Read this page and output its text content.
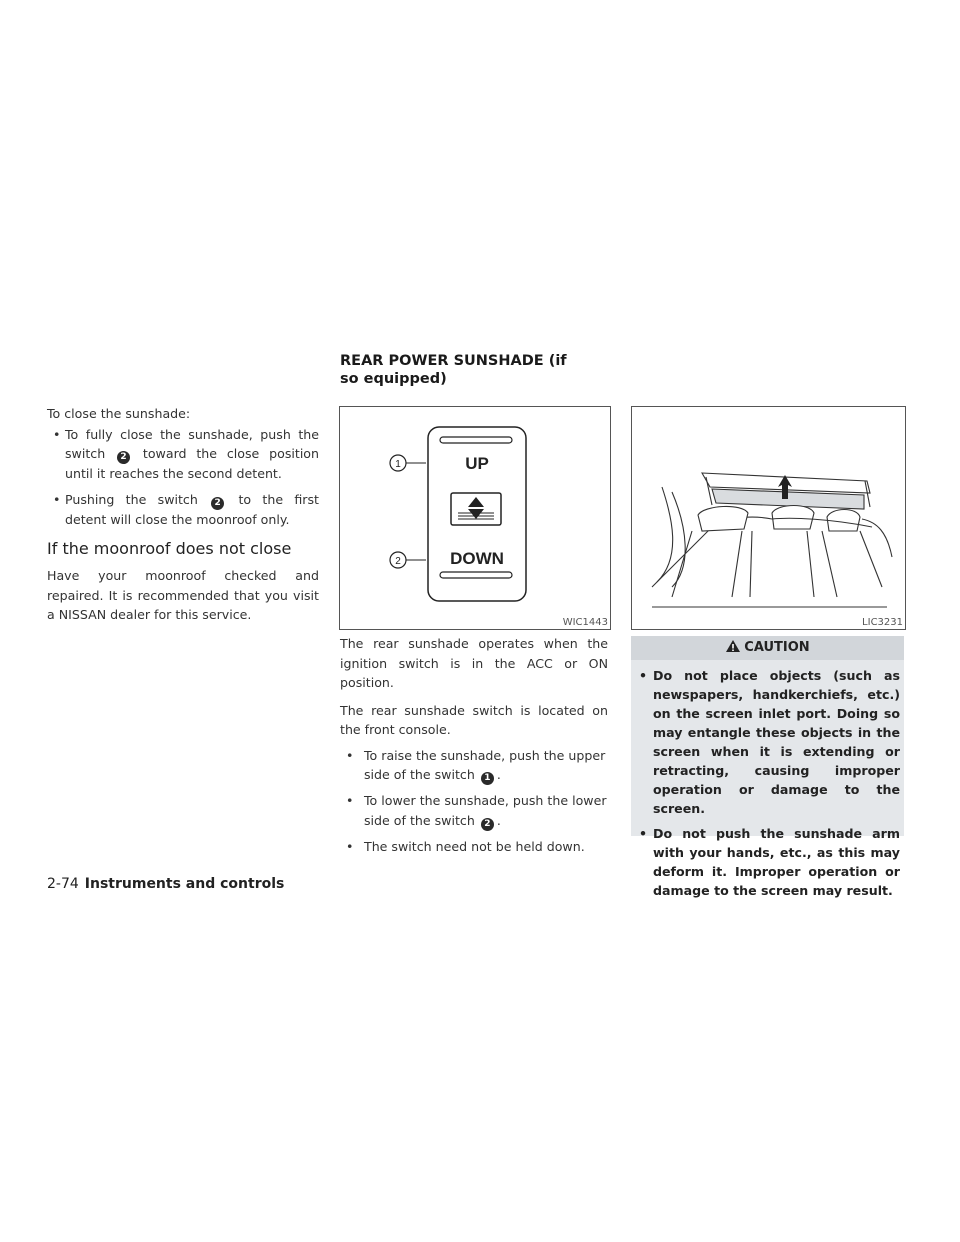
REAR POWER SUNSHADE (if so equipped)

To close the sunshade:

• To fully close the sunshade, push the switch 2 toward the close position until it reaches the second detent.

• Pushing the switch 2 to the first detent will close the moonroof only.

If the moonroof does not close

Have your moonroof checked and repaired. It is recommended that you visit a NISSAN dealer for this service.

UP
DOWN
1
2
WIC1443	LIC3231

The rear sunshade operates when the ignition switch is in the ACC or ON position.

The rear sunshade switch is located on the front console.

• To raise the sunshade, push the upper side of the switch 1 .

• To lower the sunshade, push the lower side of the switch 2 .

• The switch need not be held down.

CAUTION

• Do not place objects (such as newspapers, handkerchiefs, etc.) on the screen inlet port. Doing so may entangle these objects in the screen when it is extending or retracting, causing improper operation or damage to the screen.

• Do not push the sunshade arm with your hands, etc., as this may deform it. Improper operation or damage to the screen may result.

2-74 Instruments and controls
